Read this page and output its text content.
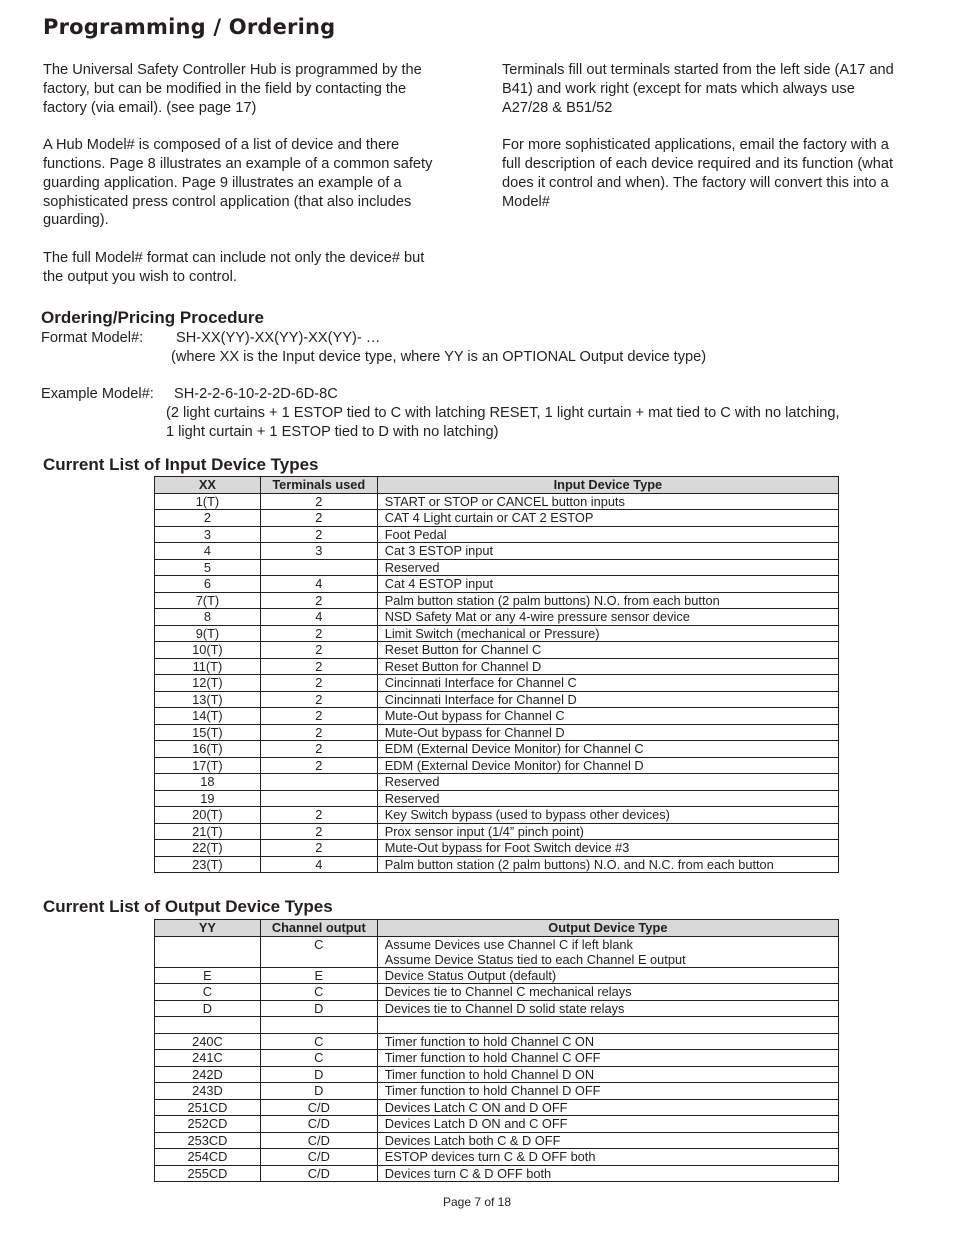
Programming / Ordering

The Universal Safety Controller Hub is programmed by the factory, but can be modified in the field by contacting the factory (via email). (see page 17)

A Hub Model# is composed of a list of device and there functions. Page 8 illustrates an example of a common safety guarding application. Page 9 illustrates an example of a sophisticated press control application (that also includes guarding).

The full Model# format can include not only the device# but the output you wish to control.

Terminals fill out terminals started from the left side (A17 and B41) and work right (except for mats which always use A27/28 & B51/52

For more sophisticated applications, email the factory with a full description of each device required and its function (what does it control and when). The factory will convert this into a Model#

Ordering/Pricing Procedure
Format Model#: SH-XX(YY)-XX(YY)-XX(YY)- …
(where XX is the Input device type, where YY is an OPTIONAL Output device type)
Example Model#: SH-2-2-6-10-2-2D-6D-8C
(2 light curtains + 1 ESTOP tied to C with latching RESET, 1 light curtain + mat tied to C with no latching,
1 light curtain + 1 ESTOP tied to D with no latching)
Current List of Input Device Types
XX	Terminals used	Input Device Type
1(T)	2	START or STOP or CANCEL button inputs
2	2	CAT 4 Light curtain or CAT 2 ESTOP
3	2	Foot Pedal
4	3	Cat 3 ESTOP input
5		Reserved
6	4	Cat 4 ESTOP input
7(T)	2	Palm button station (2 palm buttons) N.O. from each button
8	4	NSD Safety Mat or any 4-wire pressure sensor device
9(T)	2	Limit Switch (mechanical or Pressure)
10(T)	2	Reset Button for Channel C
11(T)	2	Reset Button for Channel D
12(T)	2	Cincinnati Interface for Channel C
13(T)	2	Cincinnati Interface for Channel D
14(T)	2	Mute-Out bypass for Channel C
15(T)	2	Mute-Out bypass for Channel D
16(T)	2	EDM (External Device Monitor) for Channel C
17(T)	2	EDM (External Device Monitor) for Channel D
18		Reserved
19		Reserved
20(T)	2	Key Switch bypass (used to bypass other devices)
21(T)	2	Prox sensor input (1/4” pinch point)
22(T)	2	Mute-Out bypass for Foot Switch device #3
23(T)	4	Palm button station (2 palm buttons) N.O. and N.C. from each button
Current List of Output Device Types
YY	Channel output	Output Device Type
	C	Assume Devices use Channel C if left blank
Assume Device Status tied to each Channel E output

E	E	Device Status Output (default)
C	C	Devices tie to Channel C mechanical relays
D	D	Devices tie to Channel D solid state relays

240C	C	Timer function to hold Channel C ON
241C	C	Timer function to hold Channel C OFF
242D	D	Timer function to hold Channel D ON
243D	D	Timer function to hold Channel D OFF
251CD	C/D	Devices Latch C ON and D OFF
252CD	C/D	Devices Latch D ON and C OFF
253CD	C/D	Devices Latch both C & D OFF
254CD	C/D	ESTOP devices turn C & D OFF both
255CD	C/D	Devices turn C & D OFF both
Page 7 of 18
